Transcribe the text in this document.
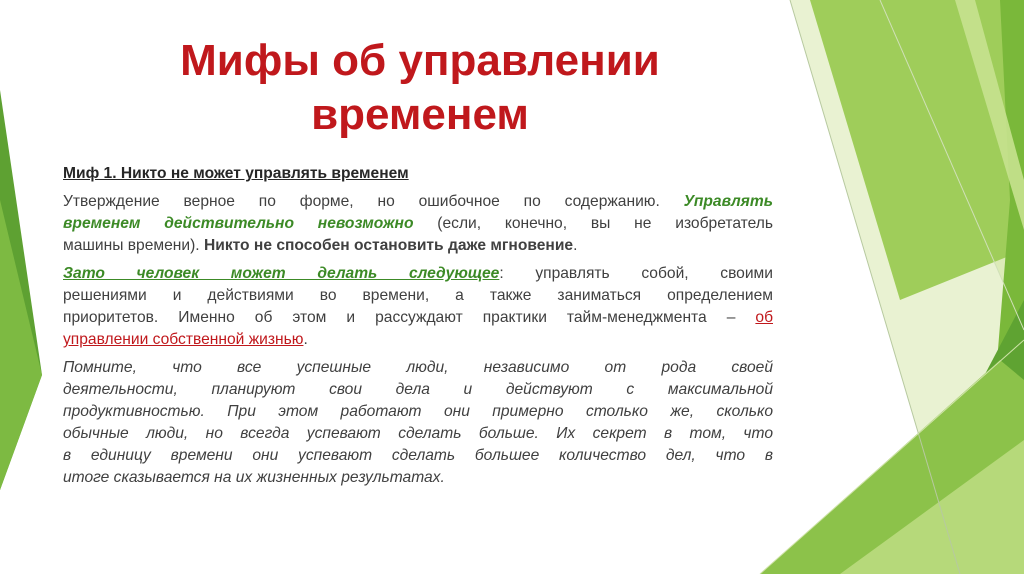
Мифы об управлении
временем
Миф 1. Никто не может управлять временем
Утверждение верное по форме, но ошибочное по содержанию. Управлять
временем действительно невозможно (если, конечно, вы не изобретатель
машины времени). Никто не способен остановить даже мгновение.
Зато человек может делать следующее: управлять собой, своими
решениями и действиями во времени, а также заниматься определением
приоритетов. Именно об этом и рассуждают практики тайм-менеджмента – об
управлении собственной жизнью.
Помните, что все успешные люди, независимо от рода своей
деятельности, планируют свои дела и действуют с максимальной
продуктивностью. При этом работают они примерно столько же, сколько
обычные люди, но всегда успевают сделать больше. Их секрет в том, что
в единицу времени они успевают сделать большее количество дел, что в
итоге сказывается на их жизненных результатах.
